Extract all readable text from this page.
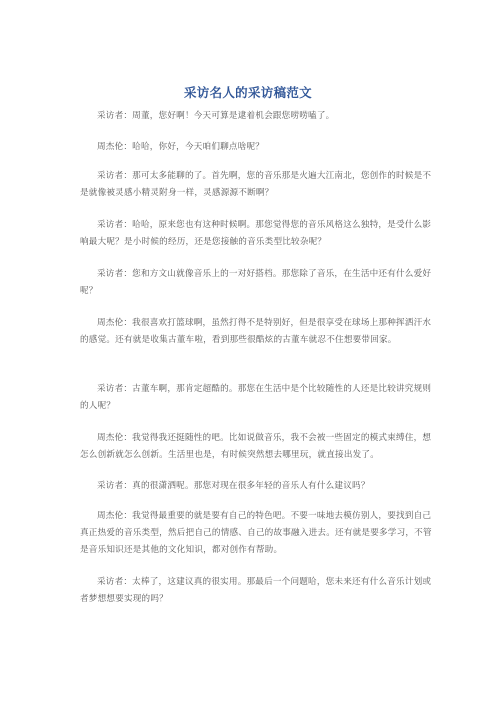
采访名人的采访稿范文

采访者：周董，您好啊！今天可算是逮着机会跟您唠唠嗑了。

周杰伦：哈哈，你好，今天咱们聊点啥呢？

采访者：那可太多能聊的了。首先啊，您的音乐那是火遍大江南北，您创作的时候是不是就像被灵感小精灵附身一样，灵感源源不断啊？

采访者：哈哈，原来您也有这种时候啊。那您觉得您的音乐风格这么独特，是受什么影响最大呢？是小时候的经历，还是您接触的音乐类型比较杂呢？

采访者：您和方文山就像音乐上的一对好搭档。那您除了音乐，在生活中还有什么爱好呢？

周杰伦：我很喜欢打篮球啊，虽然打得不是特别好，但是很享受在球场上那种挥洒汗水的感觉。还有就是收集古董车啦，看到那些很酷炫的古董车就忍不住想要带回家。

采访者：古董车啊，那肯定超酷的。那您在生活中是个比较随性的人还是比较讲究规则的人呢？

周杰伦：我觉得我还挺随性的吧。比如说做音乐，我不会被一些固定的模式束缚住，想怎么创新就怎么创新。生活里也是，有时候突然想去哪里玩，就直接出发了。

采访者：真的很潇洒呢。那您对现在很多年轻的音乐人有什么建议吗？

周杰伦：我觉得最重要的就是要有自己的特色吧。不要一味地去模仿别人，要找到自己真正热爱的音乐类型，然后把自己的情感、自己的故事融入进去。还有就是要多学习，不管是音乐知识还是其他的文化知识，都对创作有帮助。

采访者：太棒了，这建议真的很实用。那最后一个问题哈，您未来还有什么音乐计划或者梦想想要实现的吗？
